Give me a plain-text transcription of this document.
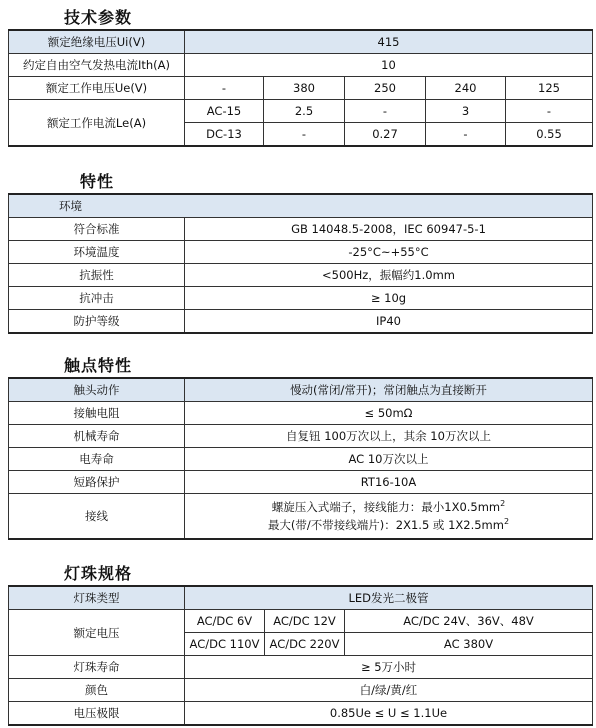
技术参数
额定绝缘电压Ui(V)	415				
约定自由空气发热电流Ith(A)	10				
额定工作电压Ue(V)	-	380	250	240	125
额定工作电流Le(A)	AC-15	2.5	-	3	-
	DC-13	-	0.27	-	0.55
特性
环境	
符合标准	GB 14048.5-2008，IEC 60947-5-1
环境温度	-25°C~+55°C
抗振性	<500Hz，振幅约1.0mm
抗冲击	≥ 10g
防护等级	IP40
触点特性
触头动作	慢动(常闭/常开)；常闭触点为直接断开
接触电阻	≤ 50mΩ
机械寿命	自复钮 100万次以上，其余 10万次以上
电寿命	AC 10万次以上
短路保护	RT16-10A
接线	螺旋压入式端子，接线能力：最小$1X0.5mm^2$
最大(带/不带接线端片)：2X1.5 或 $1X2.5mm^2$
灯珠规格
灯珠类型	LED发光二极管		
额定电压	AC/DC 6V	AC/DC 12V	AC/DC 24V、36V、48V
	AC/DC 110V	AC/DC 220V	AC 380V
灯珠寿命	≥ 5万小时		
颜色	白/绿/黄/红		
电压极限	0.85Ue ≤ U ≤ 1.1Ue		
